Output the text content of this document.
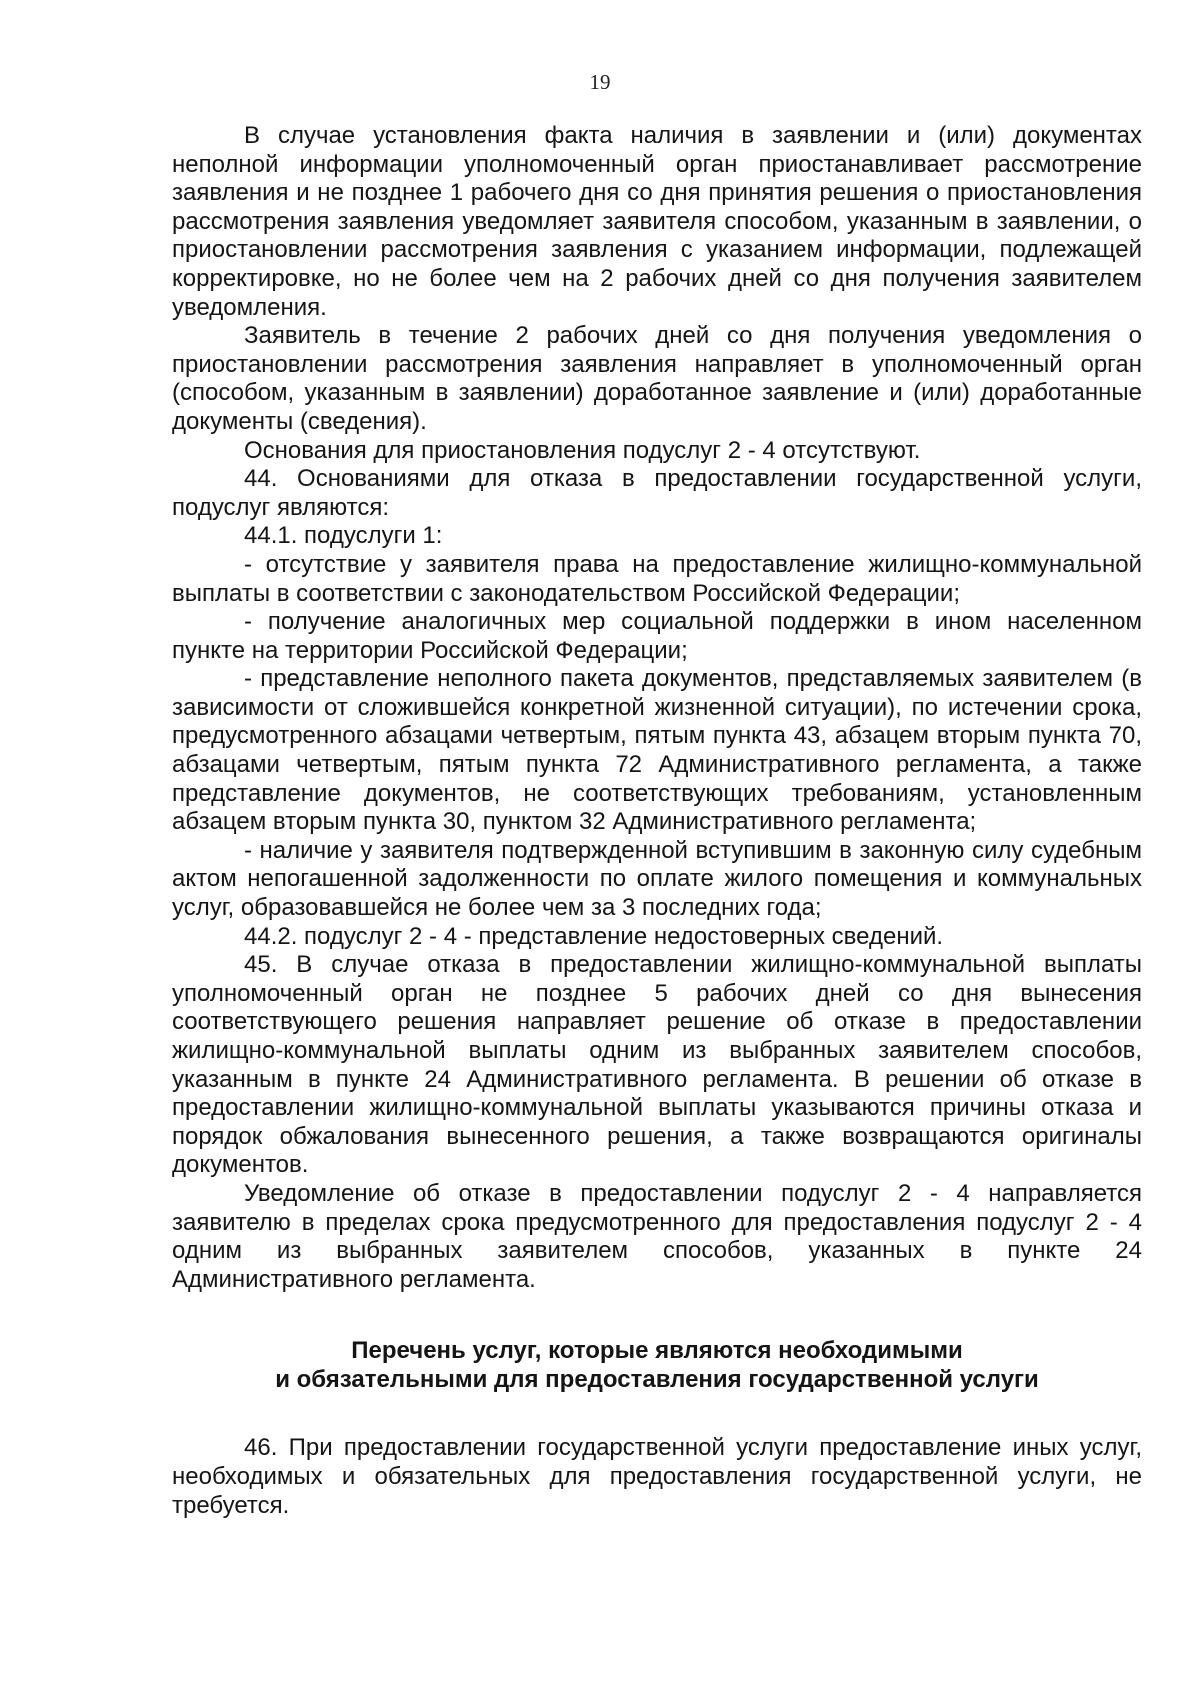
19

В случае установления факта наличия в заявлении и (или) документах неполной информации уполномоченный орган приостанавливает рассмотрение заявления и не позднее 1 рабочего дня со дня принятия решения о приостановления рассмотрения заявления уведомляет заявителя способом, указанным в заявлении, о приостановлении рассмотрения заявления с указанием информации, подлежащей корректировке, но не более чем на 2 рабочих дней со дня получения заявителем уведомления.

Заявитель в течение 2 рабочих дней со дня получения уведомления о приостановлении рассмотрения заявления направляет в уполномоченный орган (способом, указанным в заявлении) доработанное заявление и (или) доработанные документы (сведения).

Основания для приостановления подуслуг 2 - 4 отсутствуют.

44. Основаниями для отказа в предоставлении государственной услуги, подуслуг являются:

44.1. подуслуги 1:

- отсутствие у заявителя права на предоставление жилищно-коммунальной выплаты в соответствии с законодательством Российской Федерации;

- получение аналогичных мер социальной поддержки в ином населенном пункте на территории Российской Федерации;

- представление неполного пакета документов, представляемых заявителем (в зависимости от сложившейся конкретной жизненной ситуации), по истечении срока, предусмотренного абзацами четвертым, пятым пункта 43, абзацем вторым пункта 70, абзацами четвертым, пятым пункта 72 Административного регламента, а также представление документов, не соответствующих требованиям, установленным абзацем вторым пункта 30, пунктом 32 Административного регламента;

- наличие у заявителя подтвержденной вступившим в законную силу судебным актом непогашенной задолженности по оплате жилого помещения и коммунальных услуг, образовавшейся не более чем за 3 последних года;

44.2. подуслуг 2 - 4 - представление недостоверных сведений.

45. В случае отказа в предоставлении жилищно-коммунальной выплаты уполномоченный орган не позднее 5 рабочих дней со дня вынесения соответствующего решения направляет решение об отказе в предоставлении жилищно-коммунальной выплаты одним из выбранных заявителем способов, указанным в пункте 24 Административного регламента. В решении об отказе в предоставлении жилищно-коммунальной выплаты указываются причины отказа и порядок обжалования вынесенного решения, а также возвращаются оригиналы документов.

Уведомление об отказе в предоставлении подуслуг 2 - 4 направляется заявителю в пределах срока предусмотренного для предоставления подуслуг 2 - 4 одним из выбранных заявителем способов, указанных в пункте 24 Административного регламента.

Перечень услуг, которые являются необходимыми
и обязательными для предоставления государственной услуги

46. При предоставлении государственной услуги предоставление иных услуг, необходимых и обязательных для предоставления государственной услуги, не требуется.
